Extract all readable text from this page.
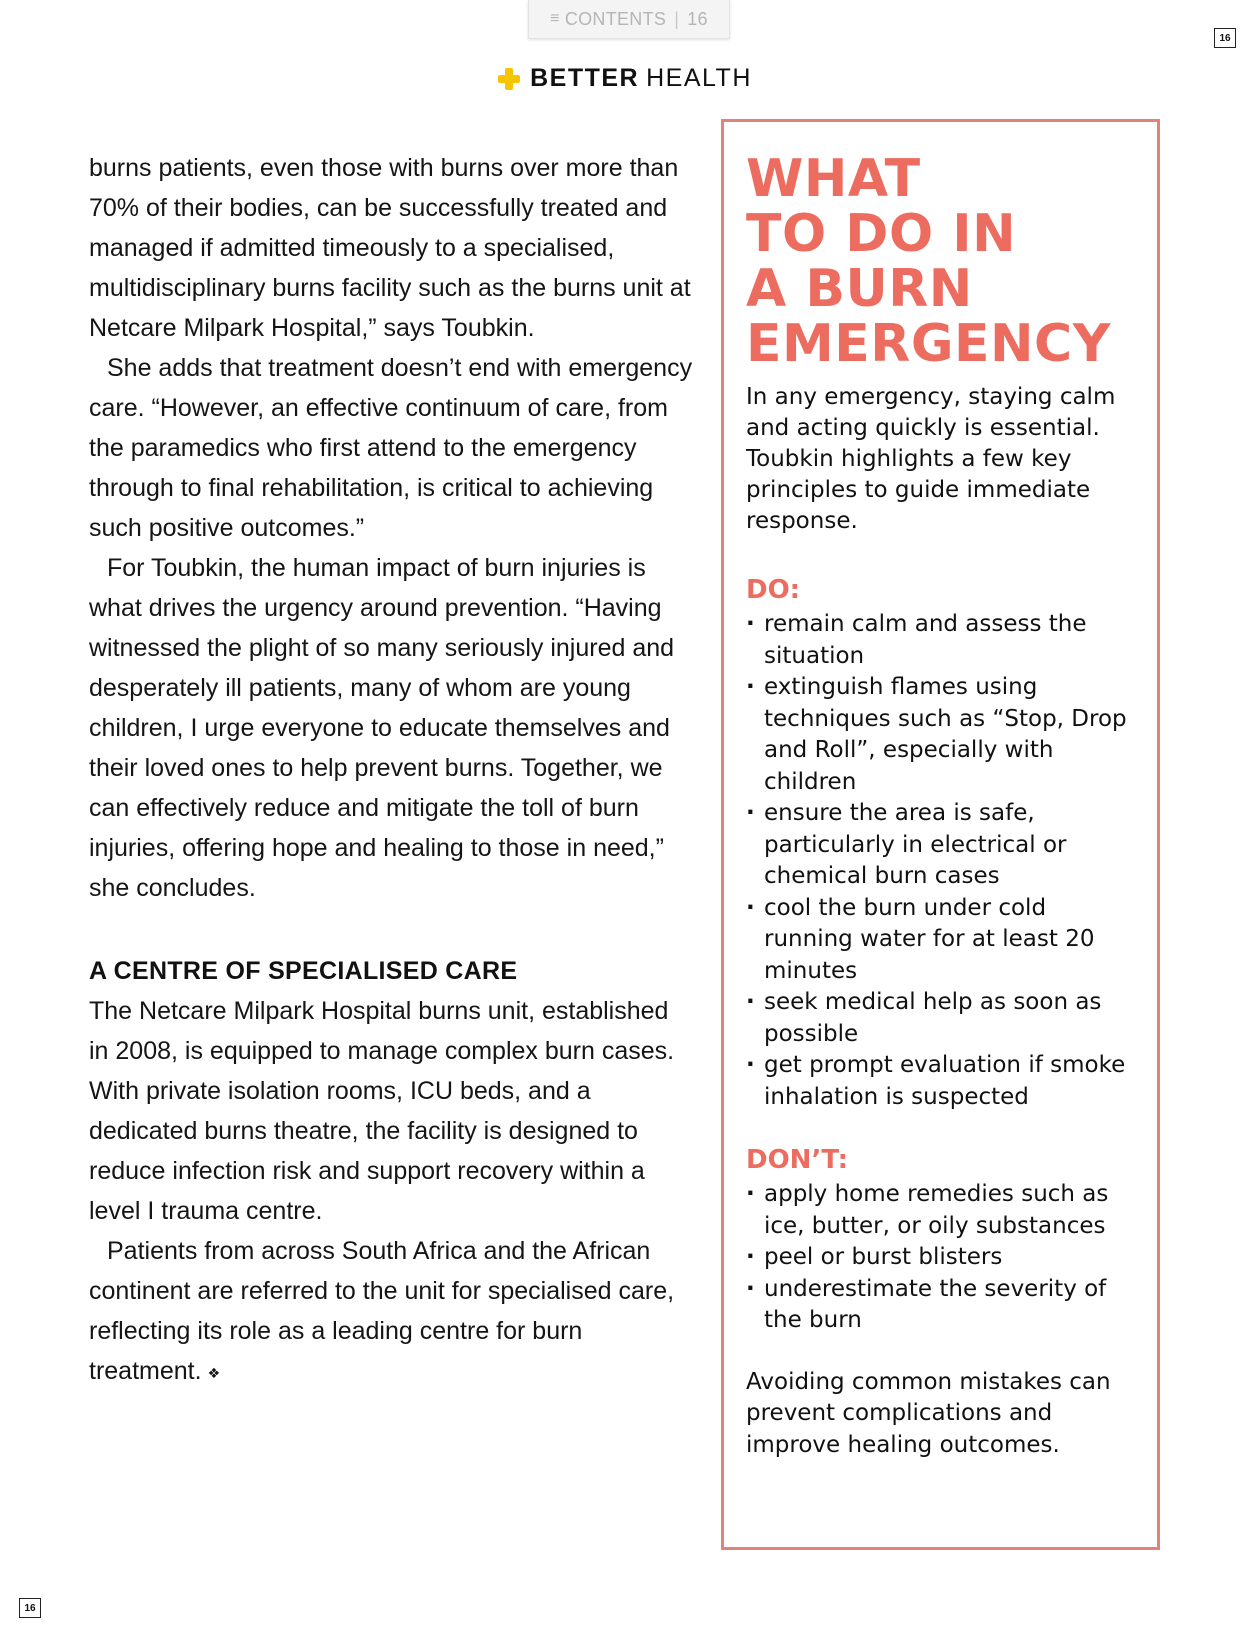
≡ CONTENTS | 16
16
16
BETTER HEALTH

burns patients, even those with burns over more than 70% of their bodies, can be successfully treated and managed if admitted timeously to a specialised, multidisciplinary burns facility such as the burns unit at Netcare Milpark Hospital,” says Toubkin.

She adds that treatment doesn’t end with emergency care. “However, an effective continuum of care, from the paramedics who first attend to the emergency through to final rehabilitation, is critical to achieving such positive outcomes.”

For Toubkin, the human impact of burn injuries is what drives the urgency around prevention. “Having witnessed the plight of so many seriously injured and desperately ill patients, many of whom are young children, I urge everyone to educate themselves and their loved ones to help prevent burns. Together, we can effectively reduce and mitigate the toll of burn injuries, offering hope and healing to those in need,” she concludes.

A CENTRE OF SPECIALISED CARE

The Netcare Milpark Hospital burns unit, established in 2008, is equipped to manage complex burn cases. With private isolation rooms, ICU beds, and a dedicated burns theatre, the facility is designed to reduce infection risk and support recovery within a level I trauma centre.

Patients from across South Africa and the African continent are referred to the unit for specialised care, reflecting its role as a leading centre for burn treatment. ❖

WHAT
TO DO IN
A BURN
EMERGENCY

In any emergency, staying calm and acting quickly is essential. Toubkin highlights a few key principles to guide immediate response.

DO:
· remain calm and assess the situation
· extinguish flames using techniques such as “Stop, Drop and Roll”, especially with children
· ensure the area is safe, particularly in electrical or chemical burn cases
· cool the burn under cold running water for at least 20 minutes
· seek medical help as soon as possible
· get prompt evaluation if smoke inhalation is suspected
DON’T:
· apply home remedies such as ice, butter, or oily substances
· peel or burst blisters
· underestimate the severity of the burn

Avoiding common mistakes can prevent complications and improve healing outcomes.
